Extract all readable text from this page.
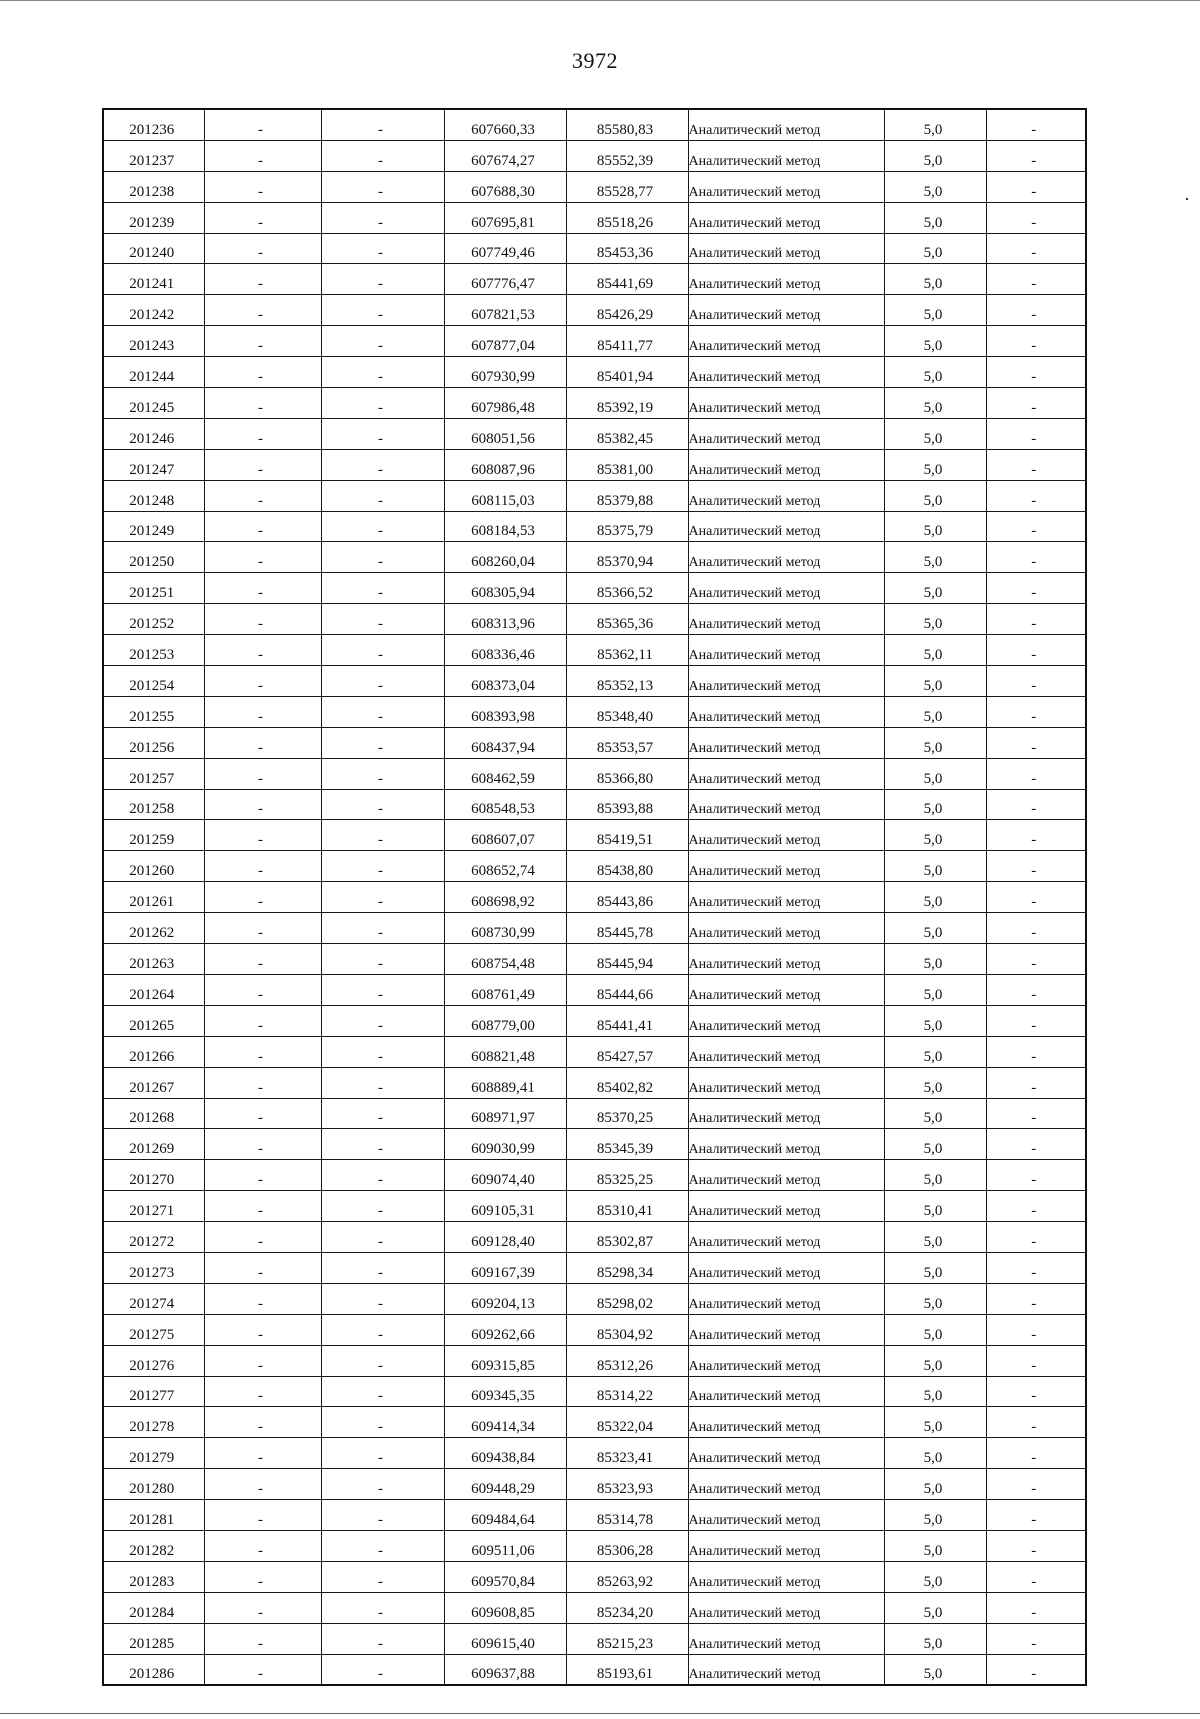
3972
201236	-	-	607660,33	85580,83	Аналитический метод	5,0	-
201237	-	-	607674,27	85552,39	Аналитический метод	5,0	-
201238	-	-	607688,30	85528,77	Аналитический метод	5,0	-
201239	-	-	607695,81	85518,26	Аналитический метод	5,0	-
201240	-	-	607749,46	85453,36	Аналитический метод	5,0	-
201241	-	-	607776,47	85441,69	Аналитический метод	5,0	-
201242	-	-	607821,53	85426,29	Аналитический метод	5,0	-
201243	-	-	607877,04	85411,77	Аналитический метод	5,0	-
201244	-	-	607930,99	85401,94	Аналитический метод	5,0	-
201245	-	-	607986,48	85392,19	Аналитический метод	5,0	-
201246	-	-	608051,56	85382,45	Аналитический метод	5,0	-
201247	-	-	608087,96	85381,00	Аналитический метод	5,0	-
201248	-	-	608115,03	85379,88	Аналитический метод	5,0	-
201249	-	-	608184,53	85375,79	Аналитический метод	5,0	-
201250	-	-	608260,04	85370,94	Аналитический метод	5,0	-
201251	-	-	608305,94	85366,52	Аналитический метод	5,0	-
201252	-	-	608313,96	85365,36	Аналитический метод	5,0	-
201253	-	-	608336,46	85362,11	Аналитический метод	5,0	-
201254	-	-	608373,04	85352,13	Аналитический метод	5,0	-
201255	-	-	608393,98	85348,40	Аналитический метод	5,0	-
201256	-	-	608437,94	85353,57	Аналитический метод	5,0	-
201257	-	-	608462,59	85366,80	Аналитический метод	5,0	-
201258	-	-	608548,53	85393,88	Аналитический метод	5,0	-
201259	-	-	608607,07	85419,51	Аналитический метод	5,0	-
201260	-	-	608652,74	85438,80	Аналитический метод	5,0	-
201261	-	-	608698,92	85443,86	Аналитический метод	5,0	-
201262	-	-	608730,99	85445,78	Аналитический метод	5,0	-
201263	-	-	608754,48	85445,94	Аналитический метод	5,0	-
201264	-	-	608761,49	85444,66	Аналитический метод	5,0	-
201265	-	-	608779,00	85441,41	Аналитический метод	5,0	-
201266	-	-	608821,48	85427,57	Аналитический метод	5,0	-
201267	-	-	608889,41	85402,82	Аналитический метод	5,0	-
201268	-	-	608971,97	85370,25	Аналитический метод	5,0	-
201269	-	-	609030,99	85345,39	Аналитический метод	5,0	-
201270	-	-	609074,40	85325,25	Аналитический метод	5,0	-
201271	-	-	609105,31	85310,41	Аналитический метод	5,0	-
201272	-	-	609128,40	85302,87	Аналитический метод	5,0	-
201273	-	-	609167,39	85298,34	Аналитический метод	5,0	-
201274	-	-	609204,13	85298,02	Аналитический метод	5,0	-
201275	-	-	609262,66	85304,92	Аналитический метод	5,0	-
201276	-	-	609315,85	85312,26	Аналитический метод	5,0	-
201277	-	-	609345,35	85314,22	Аналитический метод	5,0	-
201278	-	-	609414,34	85322,04	Аналитический метод	5,0	-
201279	-	-	609438,84	85323,41	Аналитический метод	5,0	-
201280	-	-	609448,29	85323,93	Аналитический метод	5,0	-
201281	-	-	609484,64	85314,78	Аналитический метод	5,0	-
201282	-	-	609511,06	85306,28	Аналитический метод	5,0	-
201283	-	-	609570,84	85263,92	Аналитический метод	5,0	-
201284	-	-	609608,85	85234,20	Аналитический метод	5,0	-
201285	-	-	609615,40	85215,23	Аналитический метод	5,0	-
201286	-	-	609637,88	85193,61	Аналитический метод	5,0	-
